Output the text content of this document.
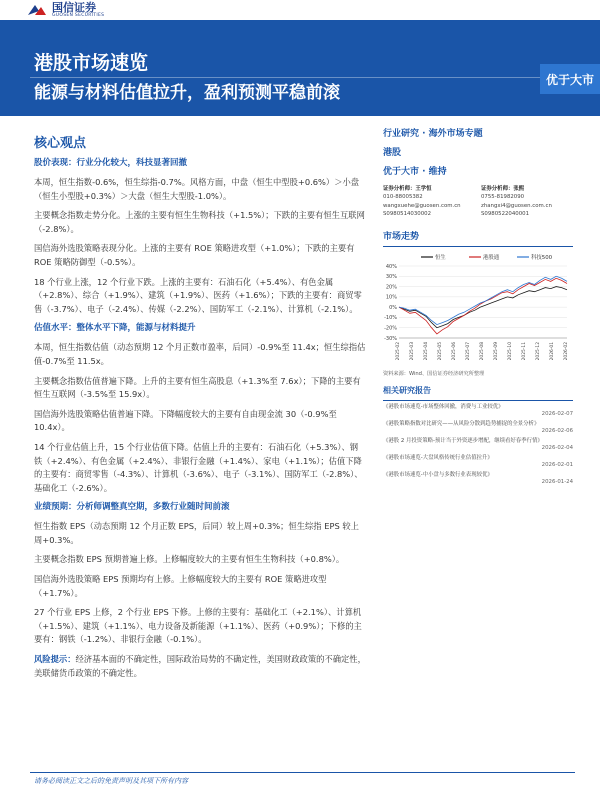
国信证券
GUOSEN SECURITIES
港股市场速览
能源与材料估值拉升，盈利预测平稳前滚
优于大市
核心观点
股价表现：行业分化较大，科技显著回撤

本周，恒生指数-0.6%，恒生综指-0.7%。风格方面，中盘（恒生中型股+0.6%）＞小盘（恒生小型股+0.3%）＞大盘（恒生大型股-1.0%）。

主要概念指数走势分化。上涨的主要有恒生生物科技（+1.5%）；下跌的主要有恒生互联网（-2.8%）。

国信海外选股策略表现分化。上涨的主要有 ROE 策略进攻型（+1.0%）；下跌的主要有 ROE 策略防御型（-0.5%）。

18 个行业上涨，12 个行业下跌。上涨的主要有：石油石化（+5.4%）、有色金属（+2.8%）、综合（+1.9%）、建筑（+1.9%）、医药（+1.6%）；下跌的主要有：商贸零售（-3.7%）、电子（-2.4%）、传媒（-2.2%）、国防军工（-2.1%）、计算机（-2.1%）。

估值水平：整体水平下降，能源与材料提升

本周，恒生指数估值（动态预期 12 个月正数市盈率，后同）-0.9%至 11.4x；恒生综指估值-0.7%至 11.5x。

主要概念指数估值普遍下降。上升的主要有恒生高股息（+1.3%至 7.6x）；下降的主要有恒生互联网（-3.5%至 15.9x）。

国信海外选股策略估值普遍下降。下降幅度较大的主要有自由现金流 30（-0.9%至 10.4x）。

14 个行业估值上升，15 个行业估值下降。估值上升的主要有：石油石化（+5.3%）、钢铁（+2.4%）、有色金属（+2.4%）、非银行金融（+1.4%）、家电（+1.1%）；估值下降的主要有：商贸零售（-4.3%）、计算机（-3.6%）、电子（-3.1%）、国防军工（-2.8%）、基础化工（-2.6%）。

业绩预期：分析师调整真空期，多数行业随时间前滚

恒生指数 EPS（动态预期 12 个月正数 EPS，后同）较上周+0.3%；恒生综指 EPS 较上周+0.3%。

主要概念指数 EPS 预期普遍上修。上修幅度较大的主要有恒生生物科技（+0.8%）。

国信海外选股策略 EPS 预期均有上修。上修幅度较大的主要有 ROE 策略进攻型（+1.7%）。

27 个行业 EPS 上修，2 个行业 EPS 下修。上修的主要有：基础化工（+2.1%）、计算机（+1.5%）、建筑（+1.1%）、电力设备及新能源（+1.1%）、医药（+0.9%）；下修的主要有：钢铁（-1.2%）、非银行金融（-0.1%）。

风险提示：经济基本面的不确定性，国际政治局势的不确定性，美国财政政策的不确定性，美联储货币政策的不确定性。

行业研究 · 海外市场专题
港股
优于大市 · 维持
证券分析师：王学恒
010-88005382
wangxuehe@guosen.com.cn
S0980514030002
证券分析师：张熙
0755-81982090
zhangxi4@guosen.com.cn
S0980522040001
市场走势
-30%
-20%
-10%
0%
10%
20%
30%
40%
2025-02 2025-03 2025-04 2025-05 2025-06 2025-07 2025-08 2025-09 2025-10 2025-11 2025-12 2026-01 2026-02
恒生	港股通	科技500
资料来源：Wind、国信证券经济研究所整理
相关研究报告
《港股市场速览-市场整体回撤，消费与工业较优》
2026-02-07
《港股策略指数对比研究——从风险分散到趋势捕捉的全景分析》
2026-02-06
《港股 2 月投资策略-预计当于外资逐步增配，继续看好春季行情》
2026-02-04
《港股市场速览-大盘风格传统行业估值拉升》
2026-02-01
《港股市场速览-中小盘与多数行业表现较优》
2026-01-24
请务必阅读正文之后的免责声明及其项下所有内容
